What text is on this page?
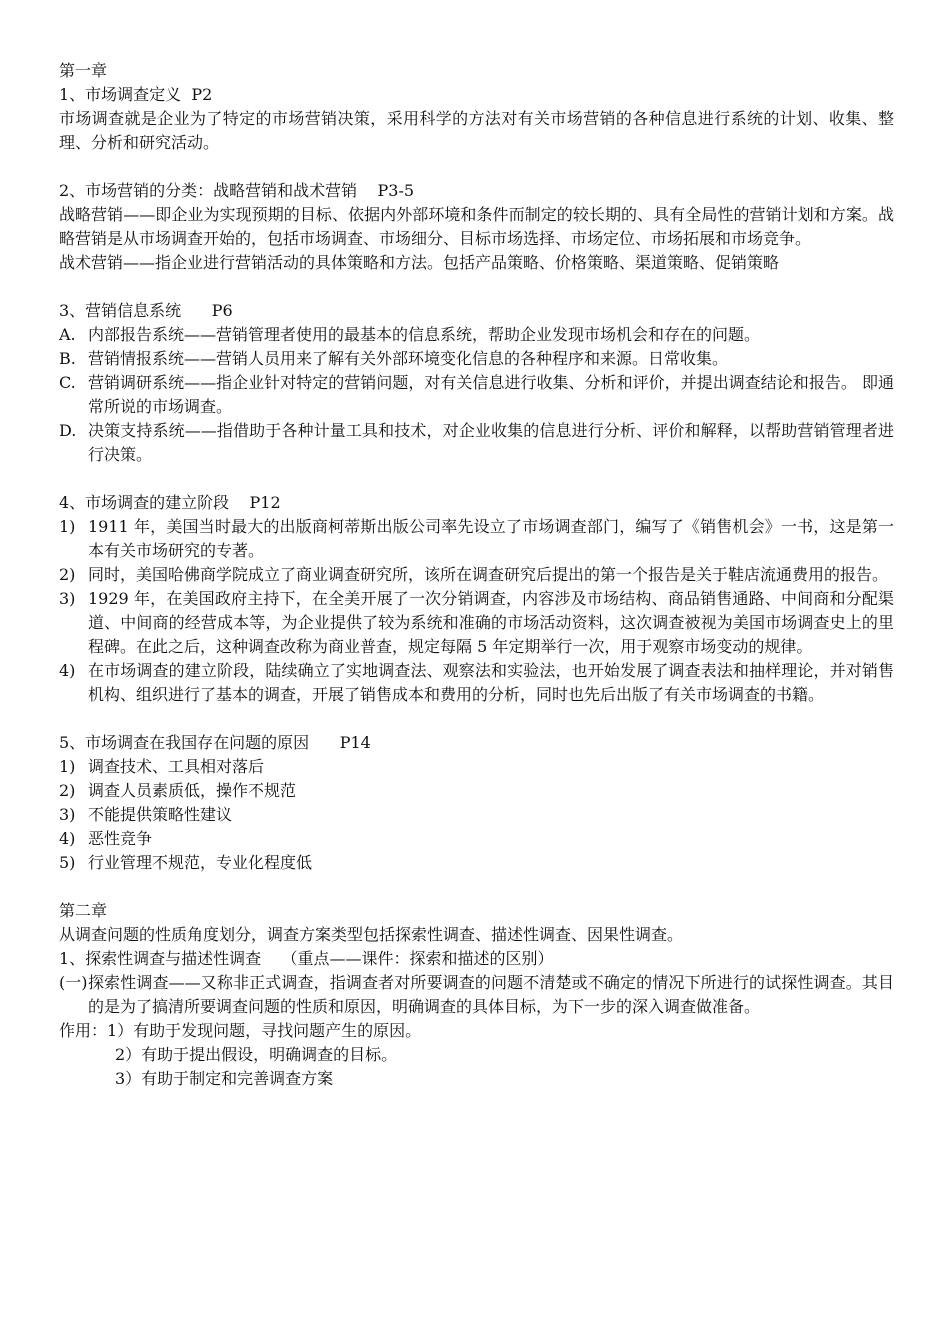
第一章
1、市场调查定义  P2
市场调查就是企业为了特定的市场营销决策，采用科学的方法对有关市场营销的各种信息进行系统的计划、收集、整理、分析和研究活动。
2、市场营销的分类：战略营销和战术营销    P3-5
战略营销——即企业为实现预期的目标、依据内外部环境和条件而制定的较长期的、具有全局性的营销计划和方案。战略营销是从市场调查开始的，包括市场调查、市场细分、目标市场选择、市场定位、市场拓展和市场竞争。
战术营销——指企业进行营销活动的具体策略和方法。包括产品策略、价格策略、渠道策略、促销策略
3、营销信息系统      P6
A. 内部报告系统——营销管理者使用的最基本的信息系统，帮助企业发现市场机会和存在的问题。
B. 营销情报系统——营销人员用来了解有关外部环境变化信息的各种程序和来源。日常收集。
C. 营销调研系统——指企业针对特定的营销问题，对有关信息进行收集、分析和评价，并提出调查结论和报告。 即通常所说的市场调查。
D. 决策支持系统——指借助于各种计量工具和技术，对企业收集的信息进行分析、评价和解释，以帮助营销管理者进行决策。
4、市场调查的建立阶段    P12
1) 1911 年，美国当时最大的出版商柯蒂斯出版公司率先设立了市场调查部门，编写了《销售机会》一书，这是第一本有关市场研究的专著。
2) 同时，美国哈佛商学院成立了商业调查研究所，该所在调查研究后提出的第一个报告是关于鞋店流通费用的报告。
3) 1929 年，在美国政府主持下，在全美开展了一次分销调查，内容涉及市场结构、商品销售通路、中间商和分配渠道、中间商的经营成本等，为企业提供了较为系统和准确的市场活动资料，这次调查被视为美国市场调查史上的里程碑。在此之后，这种调查改称为商业普查，规定每隔 5 年定期举行一次，用于观察市场变动的规律。
4) 在市场调查的建立阶段，陆续确立了实地调查法、观察法和实验法，也开始发展了调查表法和抽样理论，并对销售机构、组织进行了基本的调查，开展了销售成本和费用的分析，同时也先后出版了有关市场调查的书籍。
5、市场调查在我国存在问题的原因      P14
1) 调查技术、工具相对落后
2) 调查人员素质低，操作不规范
3) 不能提供策略性建议
4) 恶性竞争
5) 行业管理不规范，专业化程度低
第二章
从调查问题的性质角度划分，调查方案类型包括探索性调查、描述性调查、因果性调查。
1、探索性调查与描述性调查    （重点——课件：探索和描述的区别）
(一) 探索性调查——又称非正式调查，指调查者对所要调查的问题不清楚或不确定的情况下所进行的试探性调查。其目的是为了搞清所要调查问题的性质和原因，明确调查的具体目标，为下一步的深入调查做准备。
作用：1）有助于发现问题，寻找问题产生的原因。
2）有助于提出假设，明确调查的目标。
3）有助于制定和完善调查方案
